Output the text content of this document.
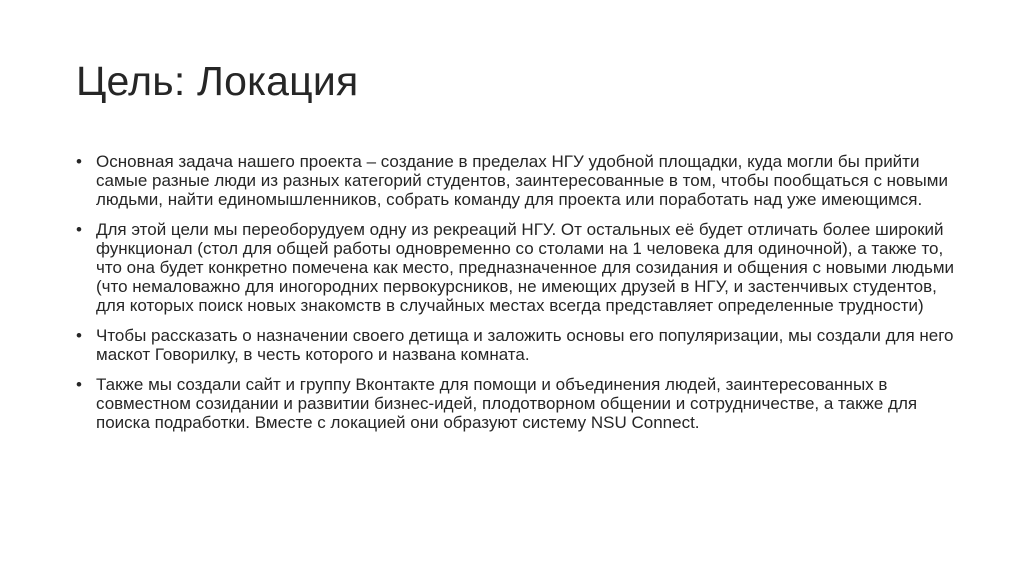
Цель: Локация
• Основная задача нашего проекта – создание в пределах НГУ удобной площадки, куда могли бы прийти самые разные люди из разных категорий студентов, заинтересованные в том, чтобы пообщаться с новыми людьми, найти единомышленников, собрать команду для проекта или поработать над уже имеющимся.
• Для этой цели мы переоборудуем одну из рекреаций НГУ. От остальных её будет отличать более широкий функционал (стол для общей работы одновременно со столами на 1 человека для одиночной), а также то, что она будет конкретно помечена как место, предназначенное для созидания и общения с новыми людьми (что немаловажно для иногородних первокурсников, не имеющих друзей в НГУ, и застенчивых студентов, для которых поиск новых знакомств в случайных местах всегда представляет определенные трудности)
• Чтобы рассказать о назначении своего детища и заложить основы его популяризации, мы создали для него маскот Говорилку, в честь которого и названа комната.
• Также мы создали сайт и группу Вконтакте для помощи и объединения людей, заинтересованных в совместном созидании и развитии бизнес-идей, плодотворном общении и сотрудничестве, а также для поиска подработки. Вместе с локацией они образуют систему NSU Connect.
